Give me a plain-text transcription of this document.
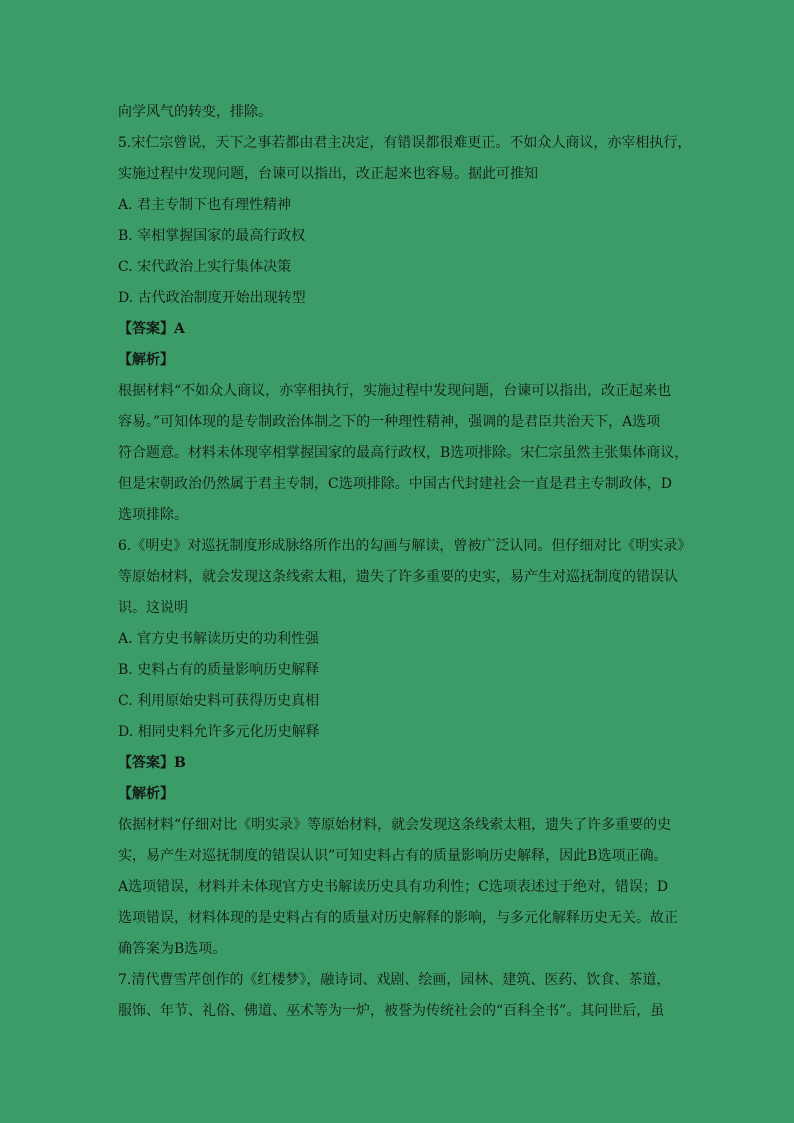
向学风气的转变，排除。
5.宋仁宗曾说，天下之事若都由君主决定，有错误都很难更正。不如众人商议，亦宰相执行，
实施过程中发现问题，台谏可以指出，改正起来也容易。据此可推知
A. 君主专制下也有理性精神
B. 宰相掌握国家的最高行政权
C. 宋代政治上实行集体决策
D. 古代政治制度开始出现转型
【答案】A
【解析】
根据材料“不如众人商议，亦宰相执行，实施过程中发现问题，台谏可以指出，改正起来也
容易。”可知体现的是专制政治体制之下的一种理性精神，强调的是君臣共治天下，A选项
符合题意。材料未体现宰相掌握国家的最高行政权，B选项排除。宋仁宗虽然主张集体商议，
但是宋朝政治仍然属于君主专制，C选项排除。中国古代封建社会一直是君主专制政体，D
选项排除。
6.《明史》对巡抚制度形成脉络所作出的勾画与解读，曾被广泛认同。但仔细对比《明实录》
等原始材料，就会发现这条线索太粗，遗失了许多重要的史实，易产生对巡抚制度的错误认
识。这说明
A. 官方史书解读历史的功利性强
B. 史料占有的质量影响历史解释
C. 利用原始史料可获得历史真相
D. 相同史料允许多元化历史解释
【答案】B
【解析】
依据材料“仔细对比《明实录》等原始材料，就会发现这条线索太粗，遗失了许多重要的史
实，易产生对巡抚制度的错误认识”可知史料占有的质量影响历史解释，因此B选项正确。
A选项错误，材料并未体现官方史书解读历史具有功利性；C选项表述过于绝对，错误；D
选项错误，材料体现的是史料占有的质量对历史解释的影响，与多元化解释历史无关。故正
确答案为B选项。
7.清代曹雪芹创作的《红楼梦》，融诗词、戏剧、绘画，园林、建筑、医药、饮食、茶道，
服饰、年节、礼俗、佛道、巫术等为一炉，被誉为传统社会的“百科全书”。其问世后，虽
